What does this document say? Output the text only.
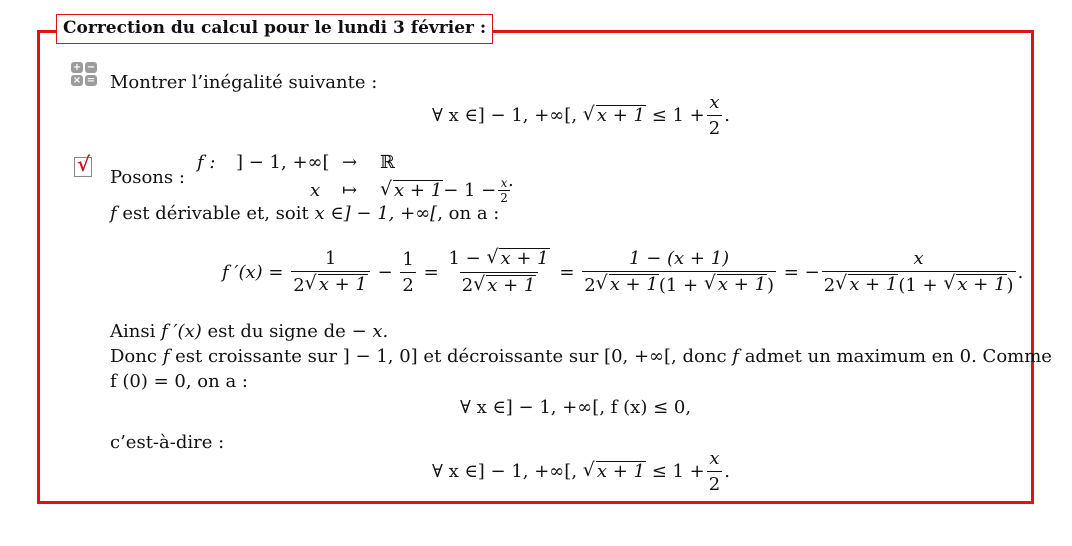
Correction du calcul pour le lundi 3 février :
+ −
× = Montrer l’inégalité suivante :
∀ x ∈] − 1, +∞[,
√ x + 1
≤ $1 + \frac{x}{2}$ .
√
Posons :
f : ] − 1, +∞[ → ℝ
x ↦ √ $x + 1 - 1 - \frac{x}{2}$
.
f est dérivable et, soit x ∈] − 1, +∞[, on a :
f ′(x) =
$\frac{1}{2 √ x + 1}$
−
$\frac{1}{2}$
=
1 −
√ x + 1
2 √ x + 1
=
1 − (x + 1)
2 √ x + 1 (1 +
√ x + 1 )
= − x
2 √ x + 1 (1 +
√ x + 1 ) .
Ainsi f ′(x) est du signe de − x.
Donc f est croissante sur ] − 1, 0] et décroissante sur [0, +∞[, donc f admet un maximum en 0. Comme
f (0) = 0, on a :
∀ x ∈] − 1, +∞[, f (x) ≤ 0,
c’est-à-dire :
∀ x ∈] − 1, +∞[,
√ x + 1
≤ $1 + \frac{x}{2}$ .
